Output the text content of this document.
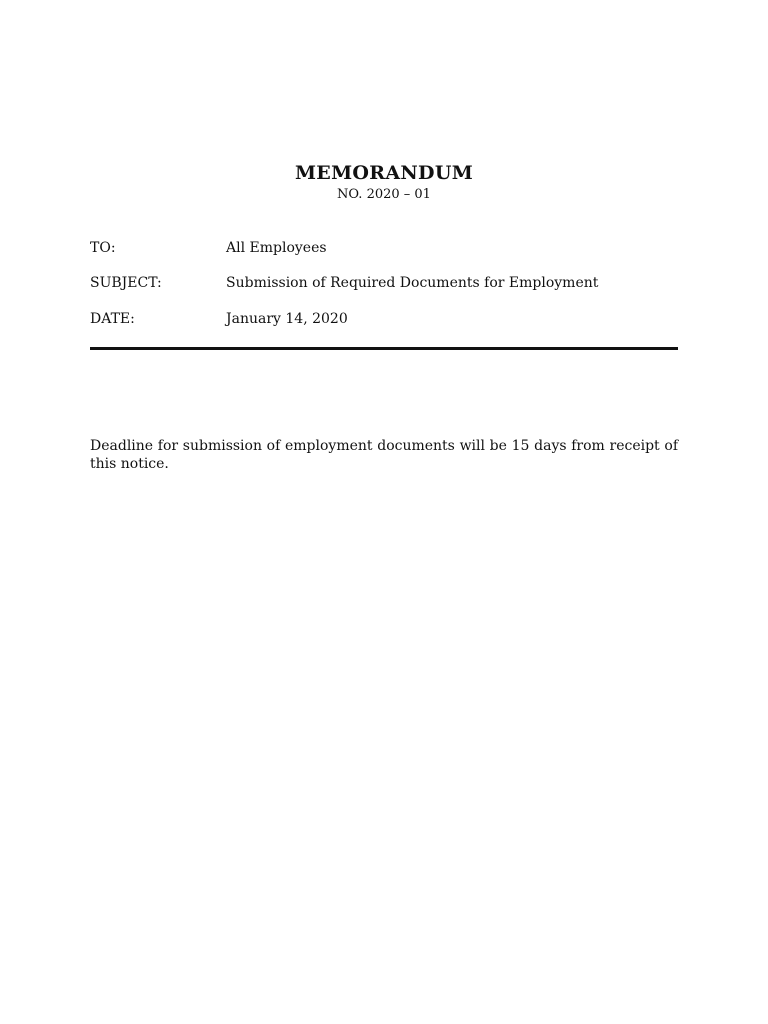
MEMORANDUM
NO. 2020 – 01
TO:	All Employees
SUBJECT:	Submission of Required Documents for Employment
DATE:	January 14, 2020

Deadline for submission of employment documents will be 15 days from receipt of this notice.
